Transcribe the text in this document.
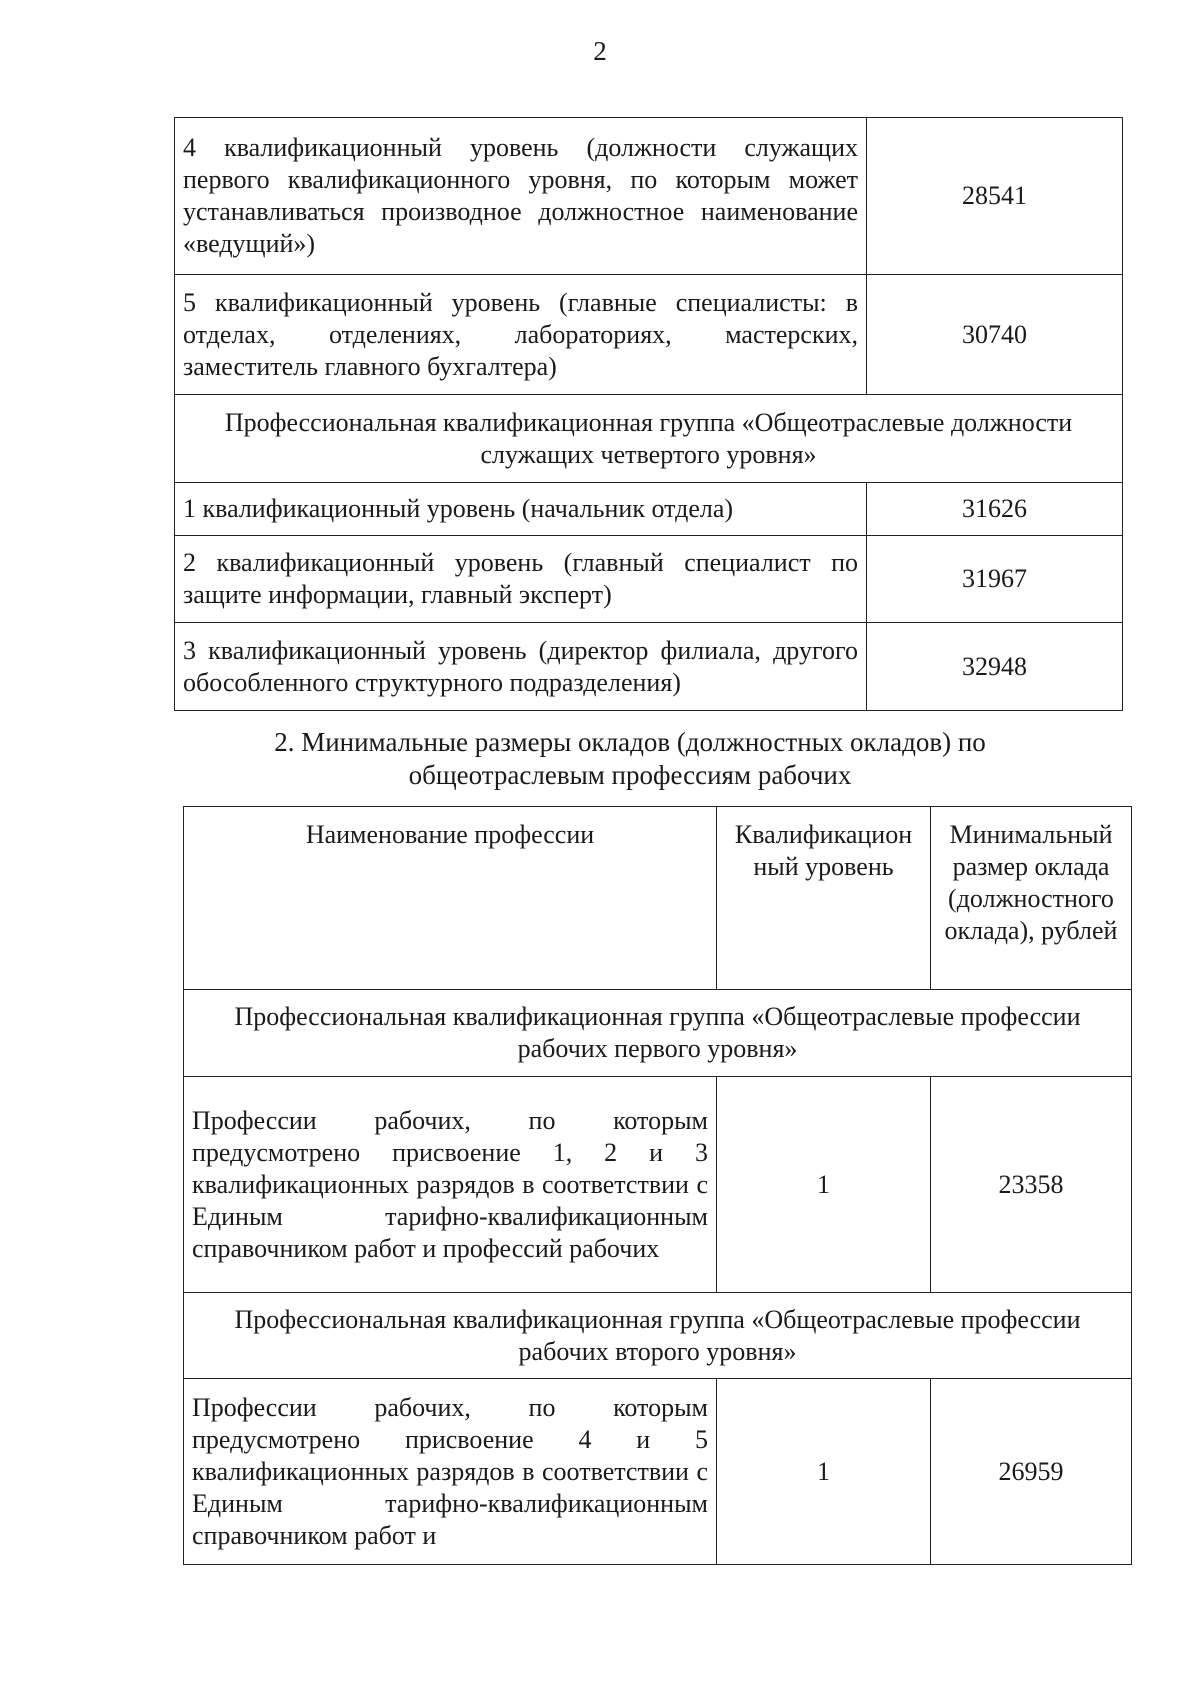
2
4 квалификационный уровень (должности служащих первого квалификационного уровня, по которым может устанавливаться производное должностное наименование «ведущий»)	28541
5 квалификационный уровень (главные специалисты: в отделах, отделениях, лабораториях, мастерских, заместитель главного бухгалтера)	30740
Профессиональная квалификационная группа «Общеотраслевые должности служащих четвертого уровня»	
1 квалификационный уровень (начальник отдела)	31626
2 квалификационный уровень (главный специалист по защите информации, главный эксперт)	31967
3 квалификационный уровень (директор филиала, другого обособленного структурного подразделения)	32948
2. Минимальные размеры окладов (должностных окладов) по общеотраслевым профессиям рабочих
Наименование профессии	Квалификацион ный уровень	Минимальный размер оклада (должностного оклада), рублей
Профессиональная квалификационная группа «Общеотраслевые профессии рабочих первого уровня»		
Профессии рабочих, по которым предусмотрено присвоение 1, 2 и 3 квалификационных разрядов в соответствии с Единым тарифно-квалификационным справочником работ и профессий рабочих	1	23358
Профессиональная квалификационная группа «Общеотраслевые профессии рабочих второго уровня»		
Профессии рабочих, по которым предусмотрено присвоение 4 и 5 квалификационных разрядов в соответствии с Единым тарифно-квалификационным справочником работ и	1	26959
